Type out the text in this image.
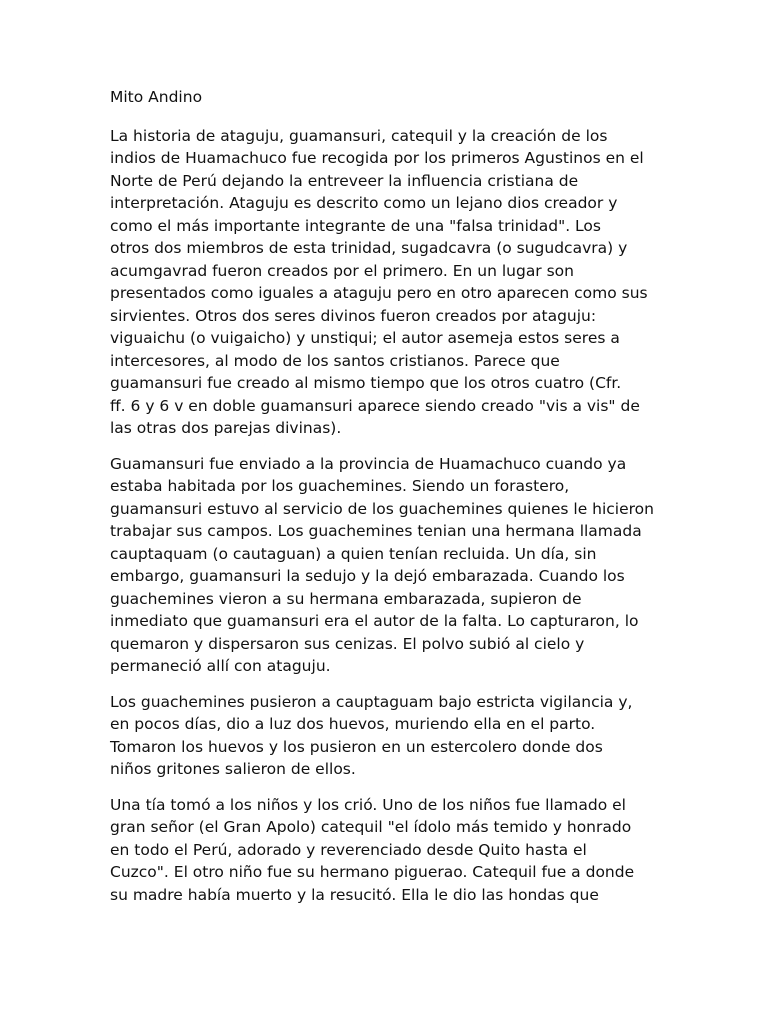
Mito Andino
La historia de ataguju, guamansuri, catequil y la creación de los
indios de Huamachuco fue recogida por los primeros Agustinos en el
Norte de Perú dejando la entreveer la influencia cristiana de
interpretación. Ataguju es descrito como un lejano dios creador y
como el más importante integrante de una "falsa trinidad". Los
otros dos miembros de esta trinidad, sugadcavra (o sugudcavra) y
acumgavrad fueron creados por el primero. En un lugar son
presentados como iguales a ataguju pero en otro aparecen como sus
sirvientes. Otros dos seres divinos fueron creados por ataguju:
viguaichu (o vuigaicho) y unstiqui; el autor asemeja estos seres a
intercesores, al modo de los santos cristianos. Parece que
guamansuri fue creado al mismo tiempo que los otros cuatro (Cfr.
ff. 6 y 6 v en doble guamansuri aparece siendo creado "vis a vis" de
las otras dos parejas divinas).
Guamansuri fue enviado a la provincia de Huamachuco cuando ya
estaba habitada por los guachemines. Siendo un forastero,
guamansuri estuvo al servicio de los guachemines quienes le hicieron
trabajar sus campos. Los guachemines tenian una hermana llamada
cauptaquam (o cautaguan) a quien tenían recluida. Un día, sin
embargo, guamansuri la sedujo y la dejó embarazada. Cuando los
guachemines vieron a su hermana embarazada, supieron de
inmediato que guamansuri era el autor de la falta. Lo capturaron, lo
quemaron y dispersaron sus cenizas. El polvo subió al cielo y
permaneció allí con ataguju.
Los guachemines pusieron a cauptaguam bajo estricta vigilancia y,
en pocos días, dio a luz dos huevos, muriendo ella en el parto.
Tomaron los huevos y los pusieron en un estercolero donde dos
niños gritones salieron de ellos.
Una tía tomó a los niños y los crió. Uno de los niños fue llamado el
gran señor (el Gran Apolo) catequil "el ídolo más temido y honrado
en todo el Perú, adorado y reverenciado desde Quito hasta el
Cuzco". El otro niño fue su hermano piguerao. Catequil fue a donde
su madre había muerto y la resucitó. Ella le dio las hondas que
